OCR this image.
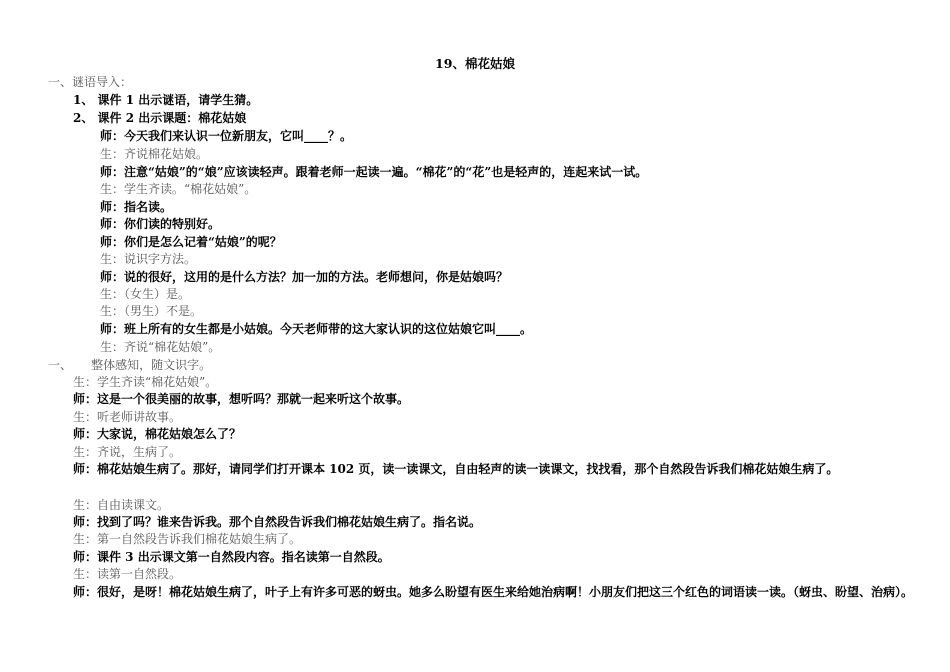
19、棉花姑娘
一、谜语导入：
1、 课件 1 出示谜语，请学生猜。
2、 课件 2 出示课题：棉花姑娘
师：今天我们来认识一位新朋友，它叫____？。
生：齐说棉花姑娘。
师：注意“姑娘”的“娘”应该读轻声。跟着老师一起读一遍。“棉花”的“花”也是轻声的，连起来试一试。
生：学生齐读。“棉花姑娘”。
师：指名读。
师：你们读的特别好。
师：你们是怎么记着“姑娘”的呢？
生：说识字方法。
师：说的很好，这用的是什么方法？加一加的方法。老师想问，你是姑娘吗？
生：（女生）是。
生：（男生）不是。
师：班上所有的女生都是小姑娘。今天老师带的这大家认识的这位姑娘它叫____。
生：齐说“棉花姑娘”。
一、     整体感知，随文识字。
生：学生齐读“棉花姑娘”。
师：这是一个很美丽的故事，想听吗？那就一起来听这个故事。
生：听老师讲故事。
师：大家说，棉花姑娘怎么了？
生：齐说，生病了。
师：棉花姑娘生病了。那好，请同学们打开课本 102 页，读一读课文，自由轻声的读一读课文，找找看，那个自然段告诉我们棉花姑娘生病了。
生：自由读课文。
师：找到了吗？谁来告诉我。那个自然段告诉我们棉花姑娘生病了。指名说。
生：第一自然段告诉我们棉花姑娘生病了。
师：课件 3 出示课文第一自然段内容。指名读第一自然段。
生：读第一自然段。
师：很好，是呀！棉花姑娘生病了，叶子上有许多可恶的蚜虫。她多么盼望有医生来给她治病啊！小朋友们把这三个红色的词语读一读。（蚜虫、盼望、治病）。
